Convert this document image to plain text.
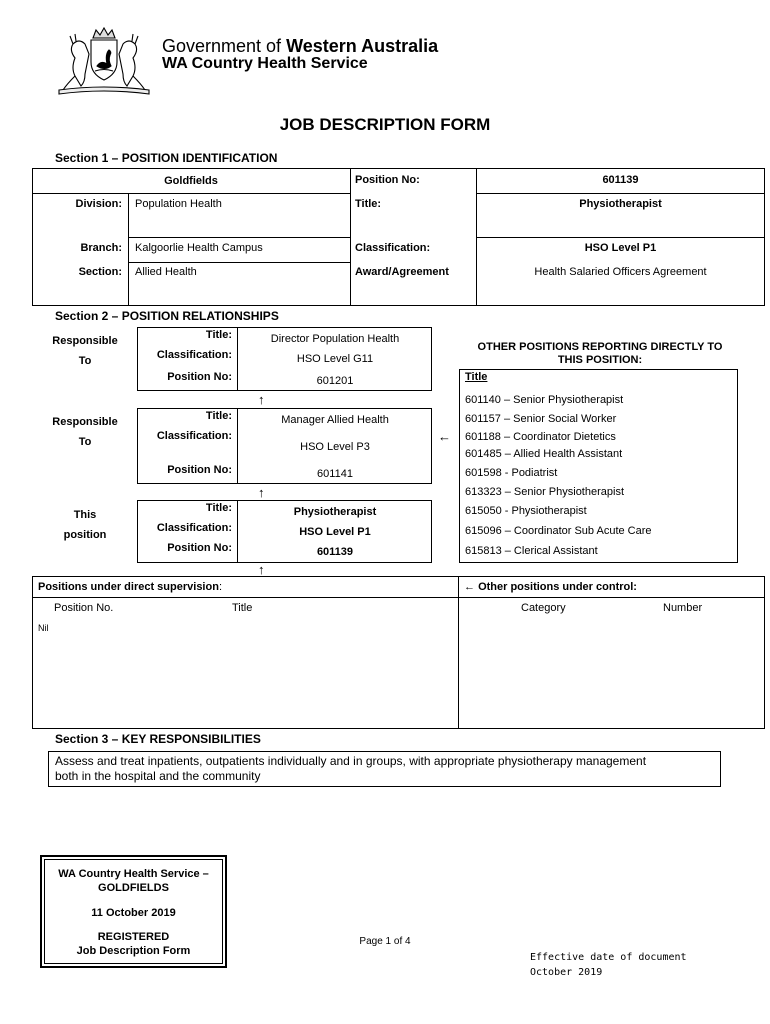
Government of Western Australia
WA Country Health Service
JOB DESCRIPTION FORM
Section 1 – POSITION IDENTIFICATION
Goldfields	Position No:	601139
Division: Population Health	Title:	Physiotherapist
Branch: Kalgoorlie Health Campus	Classification:	HSO Level P1
Section: Allied Health	Award/Agreement	Health Salaried Officers Agreement
Section 2 – POSITION RELATIONSHIPS
Responsible
To
Responsible
To
This
position
Title:	Director Population Health
Classification:	HSO Level G11
Position No:	601201
↑
Title:	Manager Allied Health
Classification:
HSO Level P3
Position No:	601141
←
↑
Title:	Physiotherapist
Classification:	HSO Level P1
Position No:	601139
↑
OTHER POSITIONS REPORTING DIRECTLY TO
THIS POSITION:
Title
601140 – Senior Physiotherapist
601157 – Senior Social Worker
601188 – Coordinator Dietetics
601485 – Allied Health Assistant
601598 - Podiatrist
613323 – Senior Physiotherapist
615050 - Physiotherapist
615096 – Coordinator Sub Acute Care
615813 – Clerical Assistant
Positions under direct supervision:	← Other positions under control:
Position No.	Title	Category	Number
Nil
Section 3 – KEY RESPONSIBILITIES
Assess and treat inpatients, outpatients individually and in groups, with appropriate physiotherapy management
both in the hospital and the community
WA Country Health Service –
GOLDFIELDS
11 October 2019
REGISTERED
Job Description Form
Page 1 of 4
Effective date of document
October 2019
